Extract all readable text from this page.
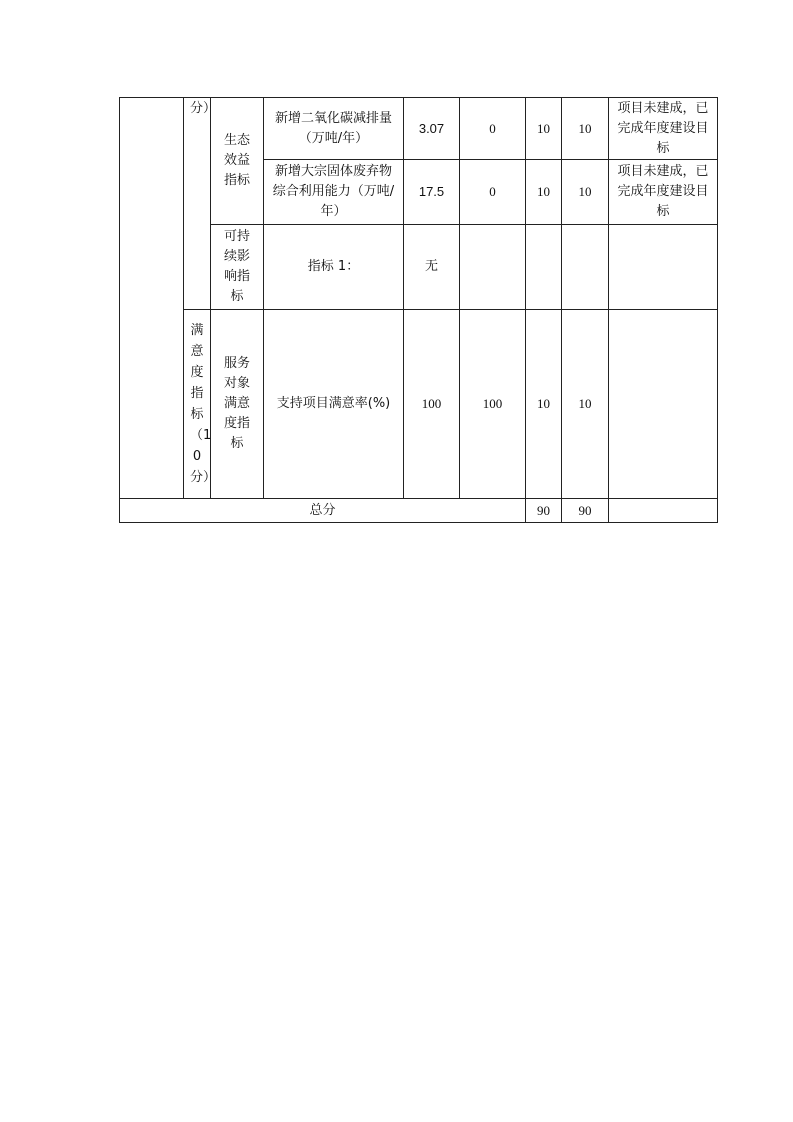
	分）	生态效益指标	新增二氧化碳减排量（万吨/年）	3.07	0	10	10	项目未建成，已完成年度建设目标
			新增大宗固体废弃物综合利用能力（万吨/年）	17.5	0	10	10	项目未建成，已完成年度建设目标
		可持续影响指标	指标 1：	无				
	满意度指标（10分）	服务对象满意度指标	支持项目满意率(%)	100	100	10	10	
总分						90	90	
